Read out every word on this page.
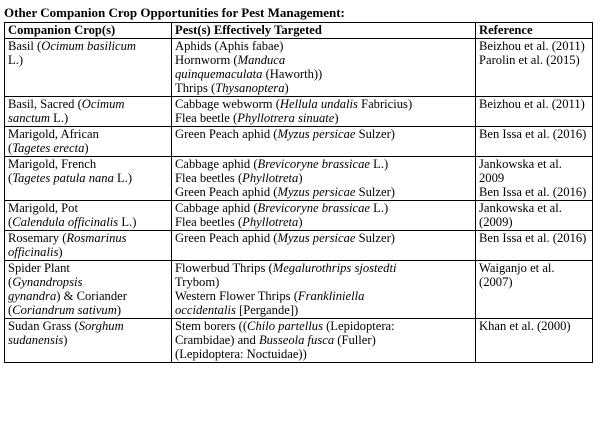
Other Companion Crop Opportunities for Pest Management:
Companion Crop(s)	Pest(s) Effectively Targeted	Reference

Basil (Ocimum basilicum
L.)	Aphids (Aphis fabae)
Hornworm (Manduca
quinquemaculata (Haworth))
Thrips (Thysanoptera)	Beizhou et al. (2011)
Parolin et al. (2015)

Basil, Sacred (Ocimum
sanctum L.)	Cabbage webworm (Hellula undalis Fabricius)
Flea beetle (Phyllotrera sinuate)	Beizhou et al. (2011)

Marigold, African
(Tagetes erecta)	Green Peach aphid (Myzus persicae Sulzer)	Ben Issa et al. (2016)

Marigold, French
(Tagetes patula nana L.)	Cabbage aphid (Brevicoryne brassicae L.)
Flea beetles (Phyllotreta)
Green Peach aphid (Myzus persicae Sulzer)	Jankowska et al. 2009
Ben Issa et al. (2016)

Marigold, Pot
(Calendula officinalis L.)	Cabbage aphid (Brevicoryne brassicae L.)
Flea beetles (Phyllotreta)	Jankowska et al. (2009)

Rosemary (Rosmarinus
officinalis)	Green Peach aphid (Myzus persicae Sulzer)	Ben Issa et al. (2016)

Spider Plant
(Gynandropsis
gynandra) & Coriander
(Coriandrum sativum)	Flowerbud Thrips (Megalurothrips sjostedti
Trybom)
Western Flower Thrips (Frankliniella
occidentalis [Pergande])	Waiganjo et al. (2007)

Sudan Grass (Sorghum
sudanensis)	Stem borers ((Chilo partellus (Lepidoptera:
Crambidae) and Busseola fusca (Fuller)
(Lepidoptera: Noctuidae))	Khan et al. (2000)
